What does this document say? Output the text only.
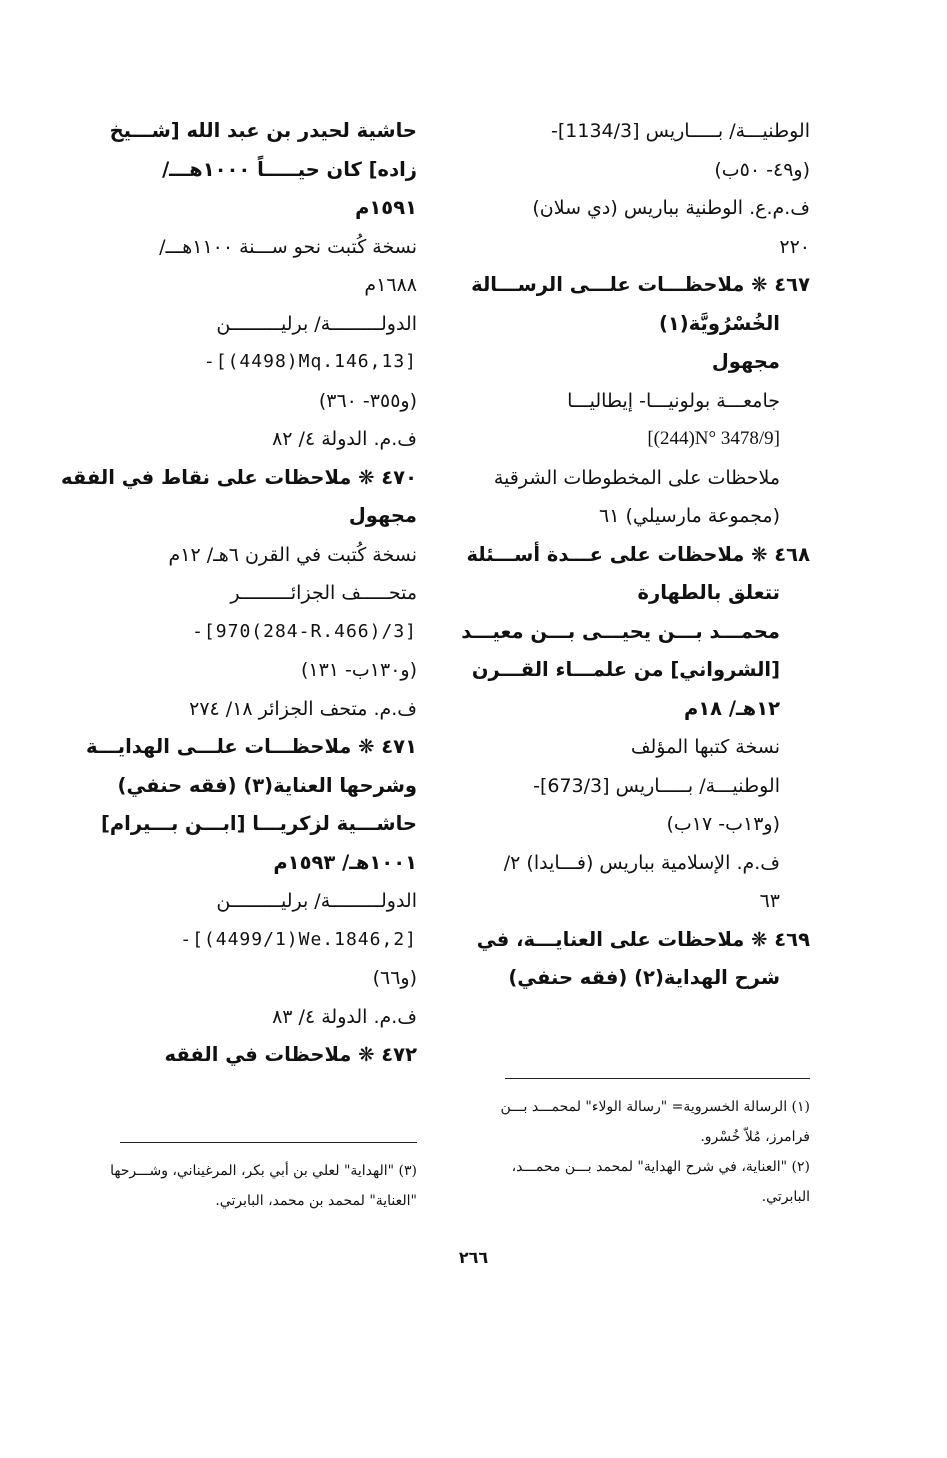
الوطنيـــة/ بـــــاريس [1134/3]-
(و٤٩- ٥٠ب)
ف.م.ع. الوطنية بباريس (دي سلان)
٢٢٠
٤٦٧ ❋ ملاحظـــات علـــى الرســـالة
الخُسْرُويَّة(١)
مجهول
جامعـــة بولونيـــا- إيطاليـــا
[(244)N° 3478/9]
ملاحظات على المخطوطات الشرقية
(مجموعة مارسيلي) ٦١
٤٦٨ ❋ ملاحظات على عـــدة أســـئلة
تتعلق بالطهارة
محمـــد بـــن يحيـــى بـــن معيـــد
[الشرواني] من علمـــاء القـــرن
١٢هـ/ ١٨م
نسخة كتبها المؤلف
الوطنيـــة/ بـــــاريس [673/3]-
(و١٣ب- ١٧ب)
ف.م. الإسلامية بباريس (فـــايدا) ٢/
٦٣
٤٦٩ ❋ ملاحظات على العنايـــة، في
شرح الهداية(٢) (فقه حنفي)
حاشية لحيدر بن عبد الله [شـــيخ
زاده] كان حيـــــاً ١٠٠٠هـــ/
١٥٩١م
نسخة كُتبت نحو ســـنة ١١٠٠هـــ/
١٦٨٨م
الدولـــــــــة/ برليـــــــــن
-[(4498)Mq.146,13]
(و٣٥٥- ٣٦٠)
ف.م. الدولة ٤/ ٨٢
٤٧٠ ❋ ملاحظات على نقاط في الفقه
مجهول
نسخة كُتبت في القرن ٦هـ/ ١٢م
متحـــــف الجزائـــــــــر
-[970(284-R.466)/3]
(و١٣٠ب- ١٣١)
ف.م. متحف الجزائر ١٨/ ٢٧٤
٤٧١ ❋ ملاحظـــات علـــى الهدايـــة
وشرحها العناية(٣) (فقه حنفي)
حاشـــية لزكريـــا [ابـــن بـــيرام]
١٠٠١هـ/ ١٥٩٣م
الدولـــــــــة/ برليـــــــــن
-[(4499/1)We.1846,2]
(و٦٦)
ف.م. الدولة ٤/ ٨٣
٤٧٢ ❋ ملاحظات في الفقه
(١) الرسالة الخسروية= "رسالة الولاء" لمحمـــد بـــن
فرامرز، مُلاّ خُسْرو.
(٢) "العناية، في شرح الهداية" لمحمد بـــن محمـــد،
البابرتي.
(٣) "الهداية" لعلي بن أبي بكر، المرغيناني، وشـــرحها
"العناية" لمحمد بن محمد، البابرتي.
٢٦٦
